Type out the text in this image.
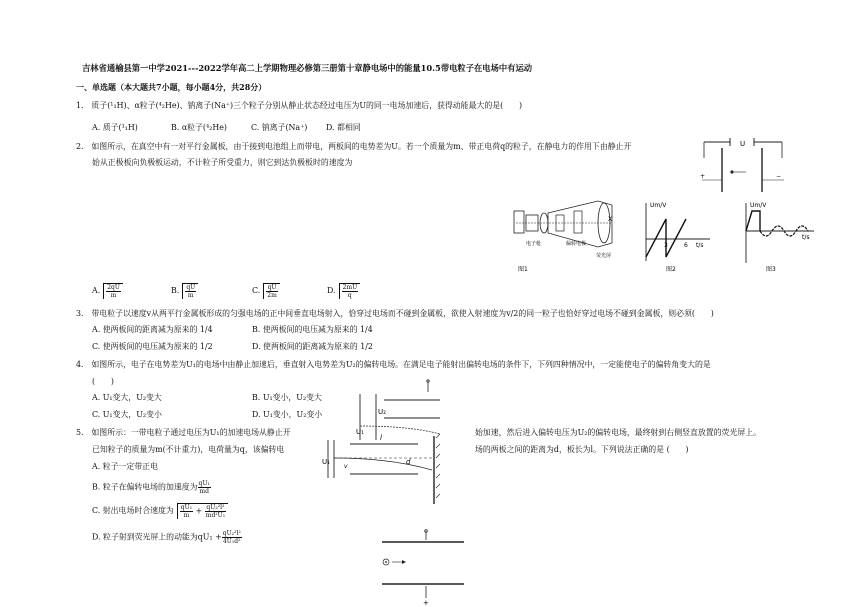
吉林省通榆县第一中学2021---2022学年高二上学期物理必修第三册第十章静电场中的能量10.5带电粒子在电场中有运动
一、单选题（本大题共7小题，每小题4分，共28分）
1.　质子(¹₁H)、α粒子(⁴₂He)、钠离子(Na⁺)三个粒子分别从静止状态经过电压为U的同一电场加速后，获得动能最大的是(　　)
A. 质子(¹₁H)	B. α粒子(⁴₂He)	C. 钠离子(Na⁺) D. 都相同
2.　如图所示，在真空中有一对平行金属板，由于接到电池组上而带电，两板间的电势差为U。若一个质量为m、带正电荷q的粒子，在静电力的作用下由静止开
始从正极板向负极板运动，不计粒子所受重力，则它到达负极板时的速度为
U
+	−
X
电子枪	偏转电极
荧光屏
图1
Um/V
3	6 t/s
图2
Um/V
t/s
图3
A. $\frac{2qU}{m}$	B. $\frac{qU}{m}$	C. $\frac{qU}{2m}$	D. $\frac{2mU}{q}$
3.　带电粒子以速度v从两平行金属板形成的匀强电场的正中间垂直电场射入，恰穿过电场而不碰到金属板，欲使入射速度为v/2的同一粒子也恰好穿过电场不碰到金属板，则必须(　　)
A. 使两板间的距离减为原来的 1/4	B. 使两板间的电压减为原来的 1/4
C. 使两板间的电压减为原来的 1/2	D. 使两板间的距离减为原来的 1/2
4.　如图所示，电子在电势差为U₁的电场中由静止加速后，垂直射入电势差为U₂的偏转电场。在满足电子能射出偏转电场的条件下，下列四种情况中，一定能使电子的偏转角变大的是
(　　)
A. U₁变大，U₂变大	B. U₁变小，U₂变大
C. U₁变大，U₂变小	D. U₁变小，U₂变小	U₂
U₁
U₁
l
v
d
5.　如图所示：一带电粒子通过电压为U₁的加速电场从静止开	始加速，然后进入偏转电压为U₂的偏转电场，最终射到右侧竖直放置的荧光屏上。
已知粒子的质量为m(不计重力)，电荷量为q，该偏转电	场的两板之间的距离为d，板长为l。下列说法正确的是 (　　)
A. 粒子一定带正电
B. 粒子在偏转电场的加速度为 $\frac{\text{qU₁}}{md}$
C. 射出电场时合速度为 $\frac{\text{qU₁}}{m} + \frac{\text{qU₂²l²}}{\text{md²U₁}}$
D. 粒子射到荧光屏上的动能为$qU_1 + \frac{\text{qU₂²l²}}{\text{4U₁d²}}$
+
